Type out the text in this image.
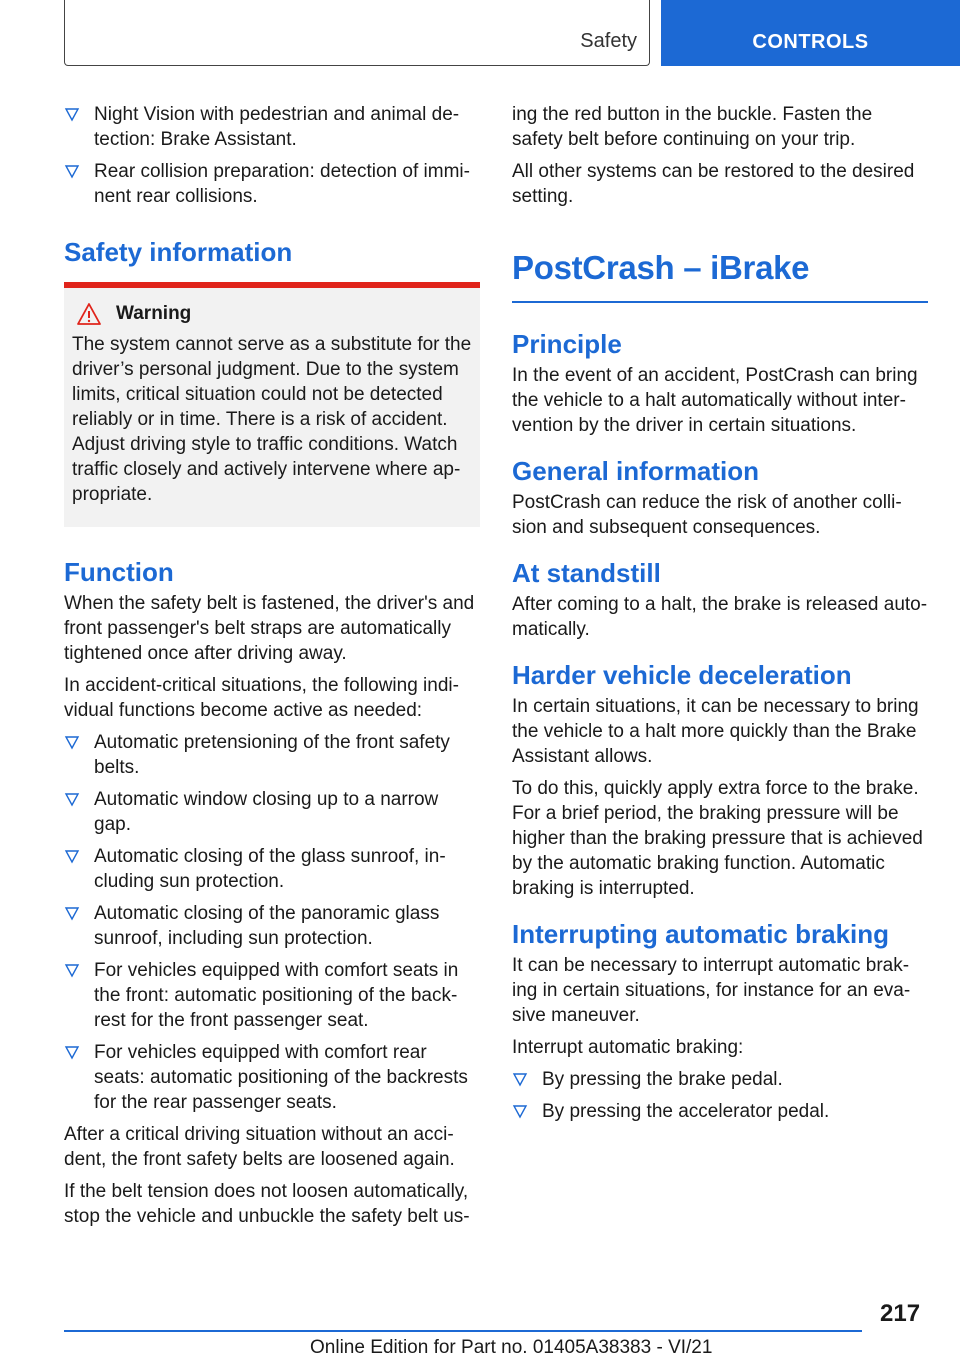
Safety	CONTROLS
Night Vision with pedestrian and animal de-tection: Brake Assistant.
Rear collision preparation: detection of immi-nent rear collisions.
Safety information
Warning
The system cannot serve as a substitute for the driver’s personal judgment. Due to the system limits, critical situation could not be detected reliably or in time. There is a risk of accident. Adjust driving style to traffic conditions. Watch traffic closely and actively intervene where ap-propriate.
Function

When the safety belt is fastened, the driver's and front passenger's belt straps are automatically tightened once after driving away.

In accident-critical situations, the following indi-vidual functions become active as needed:

Automatic pretensioning of the front safety belts.
Automatic window closing up to a narrow gap.
Automatic closing of the glass sunroof, in-cluding sun protection.
Automatic closing of the panoramic glass sunroof, including sun protection.
For vehicles equipped with comfort seats in the front: automatic positioning of the back-rest for the front passenger seat.
For vehicles equipped with comfort rear seats: automatic positioning of the backrests for the rear passenger seats.

After a critical driving situation without an acci-dent, the front safety belts are loosened again.

If the belt tension does not loosen automatically, stop the vehicle and unbuckle the safety belt us-

ing the red button in the buckle. Fasten the safety belt before continuing on your trip.

All other systems can be restored to the desired setting.

PostCrash – iBrake
Principle

In the event of an accident, PostCrash can bring the vehicle to a halt automatically without inter-vention by the driver in certain situations.

General information

PostCrash can reduce the risk of another colli-sion and subsequent consequences.

At standstill

After coming to a halt, the brake is released auto-matically.

Harder vehicle deceleration

In certain situations, it can be necessary to bring the vehicle to a halt more quickly than the Brake Assistant allows.

To do this, quickly apply extra force to the brake. For a brief period, the braking pressure will be higher than the braking pressure that is achieved by the automatic braking function. Automatic braking is interrupted.

Interrupting automatic braking

It can be necessary to interrupt automatic brak-ing in certain situations, for instance for an eva-sive maneuver.

Interrupt automatic braking:

By pressing the brake pedal.
By pressing the accelerator pedal.
217
Online Edition for Part no. 01405A38383 - VI/21
